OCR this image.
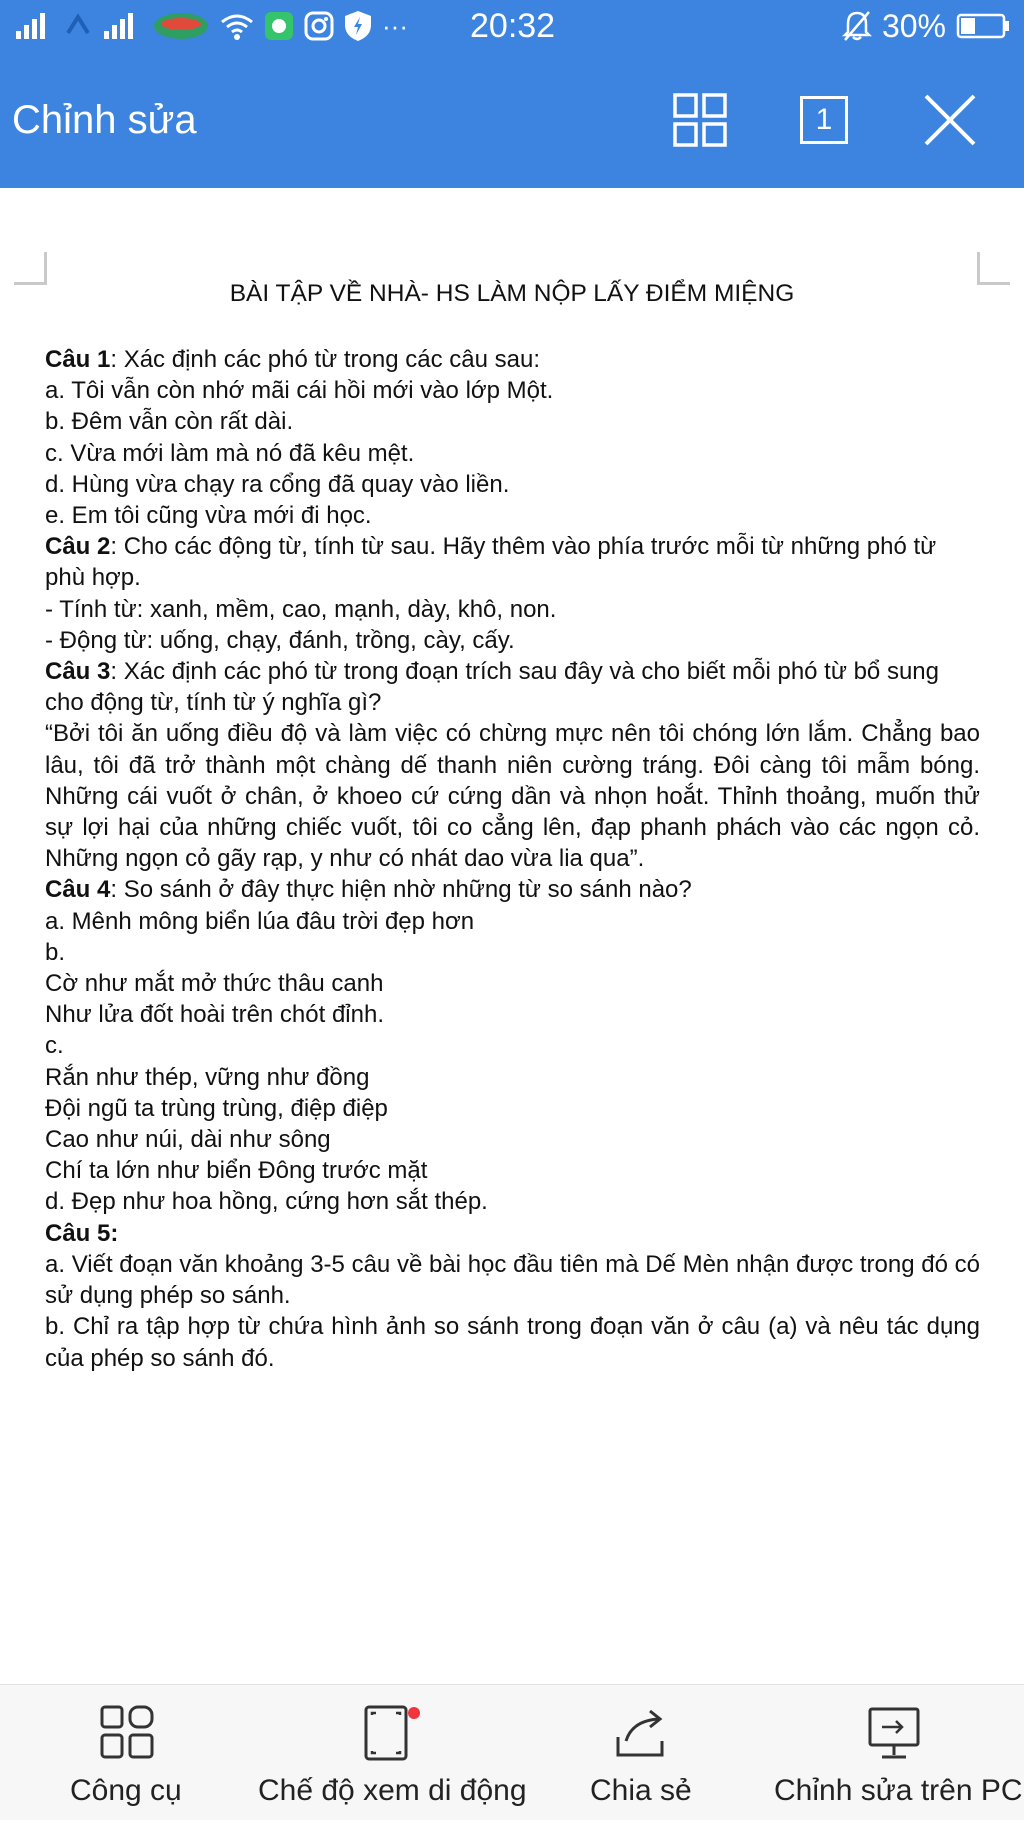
··· 20:32	30%
Chỉnh sửa	1
BÀI TẬP VỀ NHÀ- HS LÀM NỘP LẤY ĐIỂM MIỆNG

Câu 1: Xác định các phó từ trong các câu sau:

a. Tôi vẫn còn nhớ mãi cái hồi mới vào lớp Một.

b. Đêm vẫn còn rất dài.

c. Vừa mới làm mà nó đã kêu mệt.

d. Hùng vừa chạy ra cổng đã quay vào liền.

e. Em tôi cũng vừa mới đi học.

Câu 2: Cho các động từ, tính từ sau. Hãy thêm vào phía trước mỗi từ những phó từ phù hợp.

- Tính từ: xanh, mềm, cao, mạnh, dày, khô, non.

- Động từ: uống, chạy, đánh, trồng, cày, cấy.

Câu 3: Xác định các phó từ trong đoạn trích sau đây và cho biết mỗi phó từ bổ sung cho động từ, tính từ ý nghĩa gì?

“Bởi tôi ăn uống điều độ và làm việc có chừng mực nên tôi chóng lớn lắm. Chẳng bao lâu, tôi đã trở thành một chàng dế thanh niên cường tráng. Đôi càng tôi mẫm bóng. Những cái vuốt ở chân, ở khoeo cứ cứng dần và nhọn hoắt. Thỉnh thoảng, muốn thử sự lợi hại của những chiếc vuốt, tôi co cẳng lên, đạp phanh phách vào các ngọn cỏ. Những ngọn cỏ gãy rạp, y như có nhát dao vừa lia qua”.

Câu 4: So sánh ở đây thực hiện nhờ những từ so sánh nào?

a. Mênh mông biển lúa đâu trời đẹp hơn

b.

Cờ như mắt mở thức thâu canh

Như lửa đốt hoài trên chót đỉnh.

c.

Rắn như thép, vững như đồng

Đội ngũ ta trùng trùng, điệp điệp

Cao như núi, dài như sông

Chí ta lớn như biển Đông trước mặt

d. Đẹp như hoa hồng, cứng hơn sắt thép.

Câu 5:

a. Viết đoạn văn khoảng 3-5 câu về bài học đầu tiên mà Dế Mèn nhận được trong đó có sử dụng phép so sánh.

b. Chỉ ra tập hợp từ chứa hình ảnh so sánh trong đoạn văn ở câu (a) và nêu tác dụng của phép so sánh đó.

Công cụ	Chế độ xem di động Chia sẻ	Chỉnh sửa trên PC
